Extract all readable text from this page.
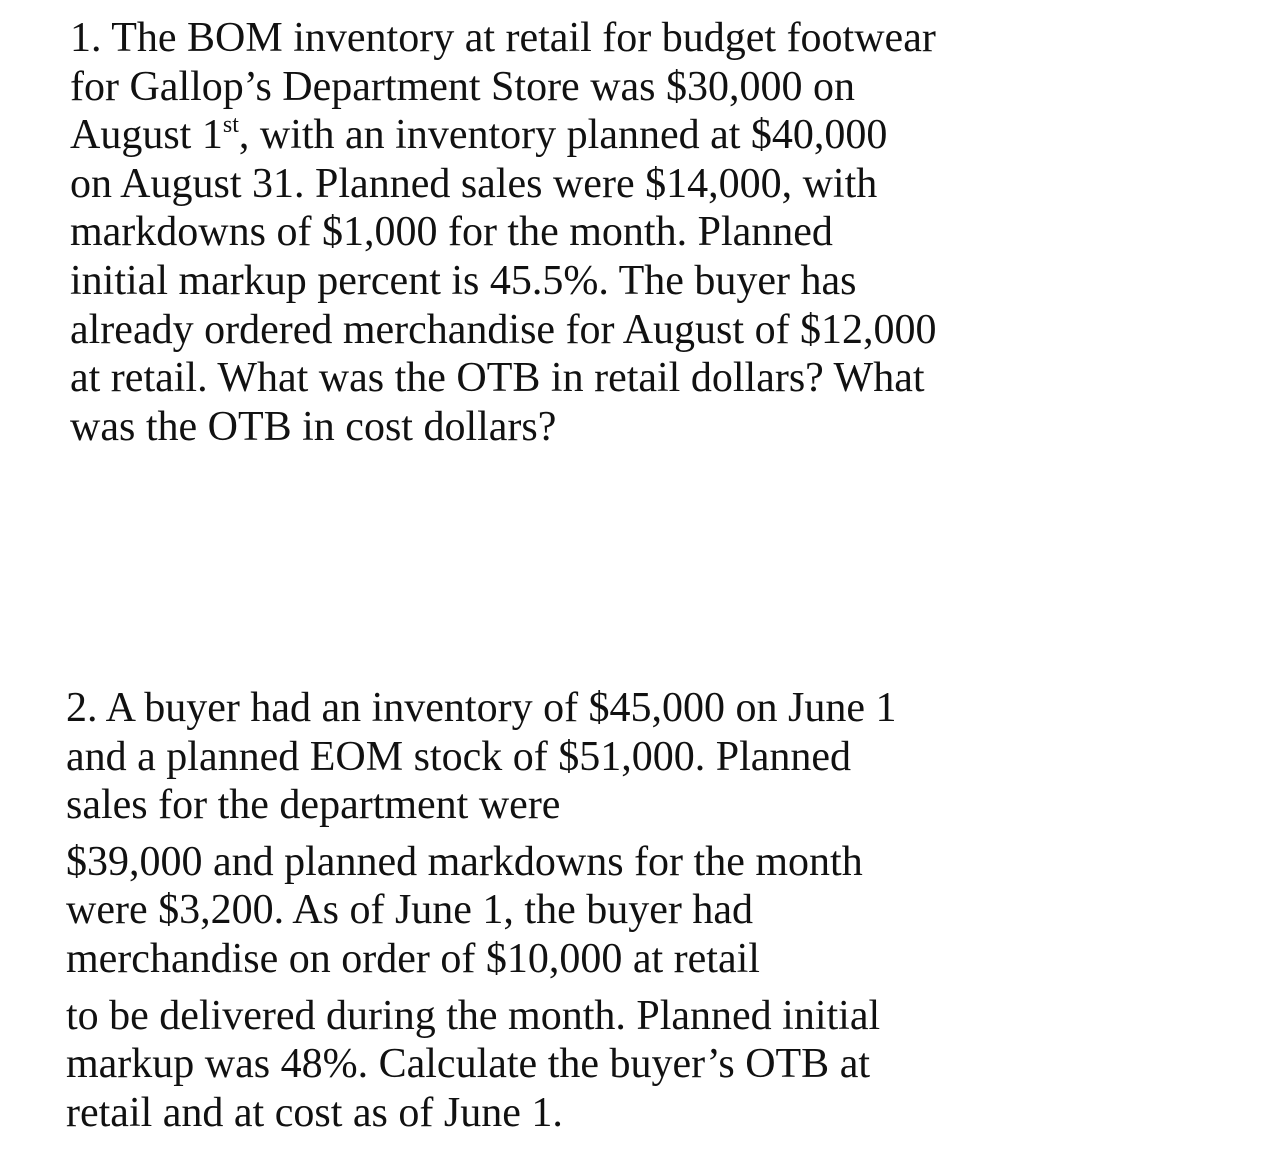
1. The BOM inventory at retail for budget footwear
for Gallop’s Department Store was $30,000 on
August 1st, with an inventory planned at $40,000
on August 31. Planned sales were $14,000, with
markdowns of $1,000 for the month. Planned
initial markup percent is 45.5%. The buyer has
already ordered merchandise for August of $12,000
at retail. What was the OTB in retail dollars? What
was the OTB in cost dollars?
2. A buyer had an inventory of $45,000 on June 1
and a planned EOM stock of $51,000. Planned
sales for the department were
$39,000 and planned markdowns for the month
were $3,200. As of June 1, the buyer had
merchandise on order of $10,000 at retail
to be delivered during the month. Planned initial
markup was 48%. Calculate the buyer’s OTB at
retail and at cost as of June 1.
